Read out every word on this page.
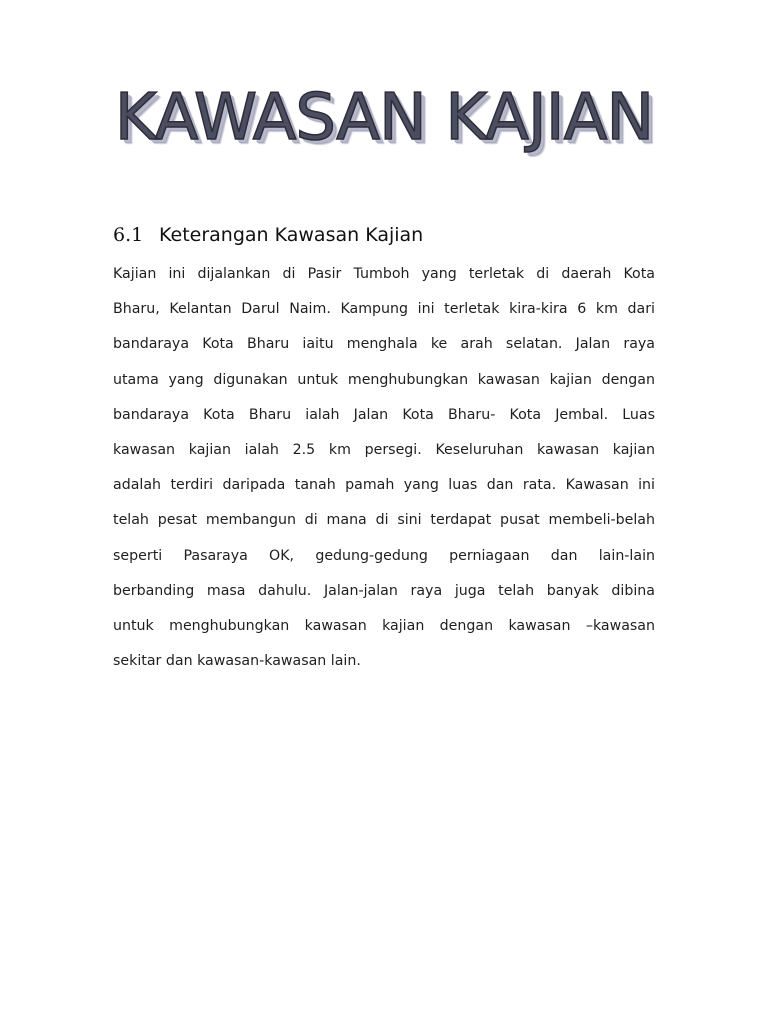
KAWASAN KAJIAN
6.1 Keterangan Kawasan Kajian
Kajian ini dijalankan di Pasir Tumboh yang terletak di daerah Kota
Bharu, Kelantan Darul Naim. Kampung ini terletak kira-kira 6 km dari
bandaraya Kota Bharu iaitu menghala ke arah selatan. Jalan raya
utama yang digunakan untuk menghubungkan kawasan kajian dengan
bandaraya Kota Bharu ialah Jalan Kota Bharu- Kota Jembal. Luas
kawasan kajian ialah 2.5 km persegi. Keseluruhan kawasan kajian
adalah terdiri daripada tanah pamah yang luas dan rata. Kawasan ini
telah pesat membangun di mana di sini terdapat pusat membeli-belah
seperti Pasaraya OK, gedung-gedung perniagaan dan lain-lain
berbanding masa dahulu. Jalan-jalan raya juga telah banyak dibina
untuk menghubungkan kawasan kajian dengan kawasan –kawasan
sekitar dan kawasan-kawasan lain.
